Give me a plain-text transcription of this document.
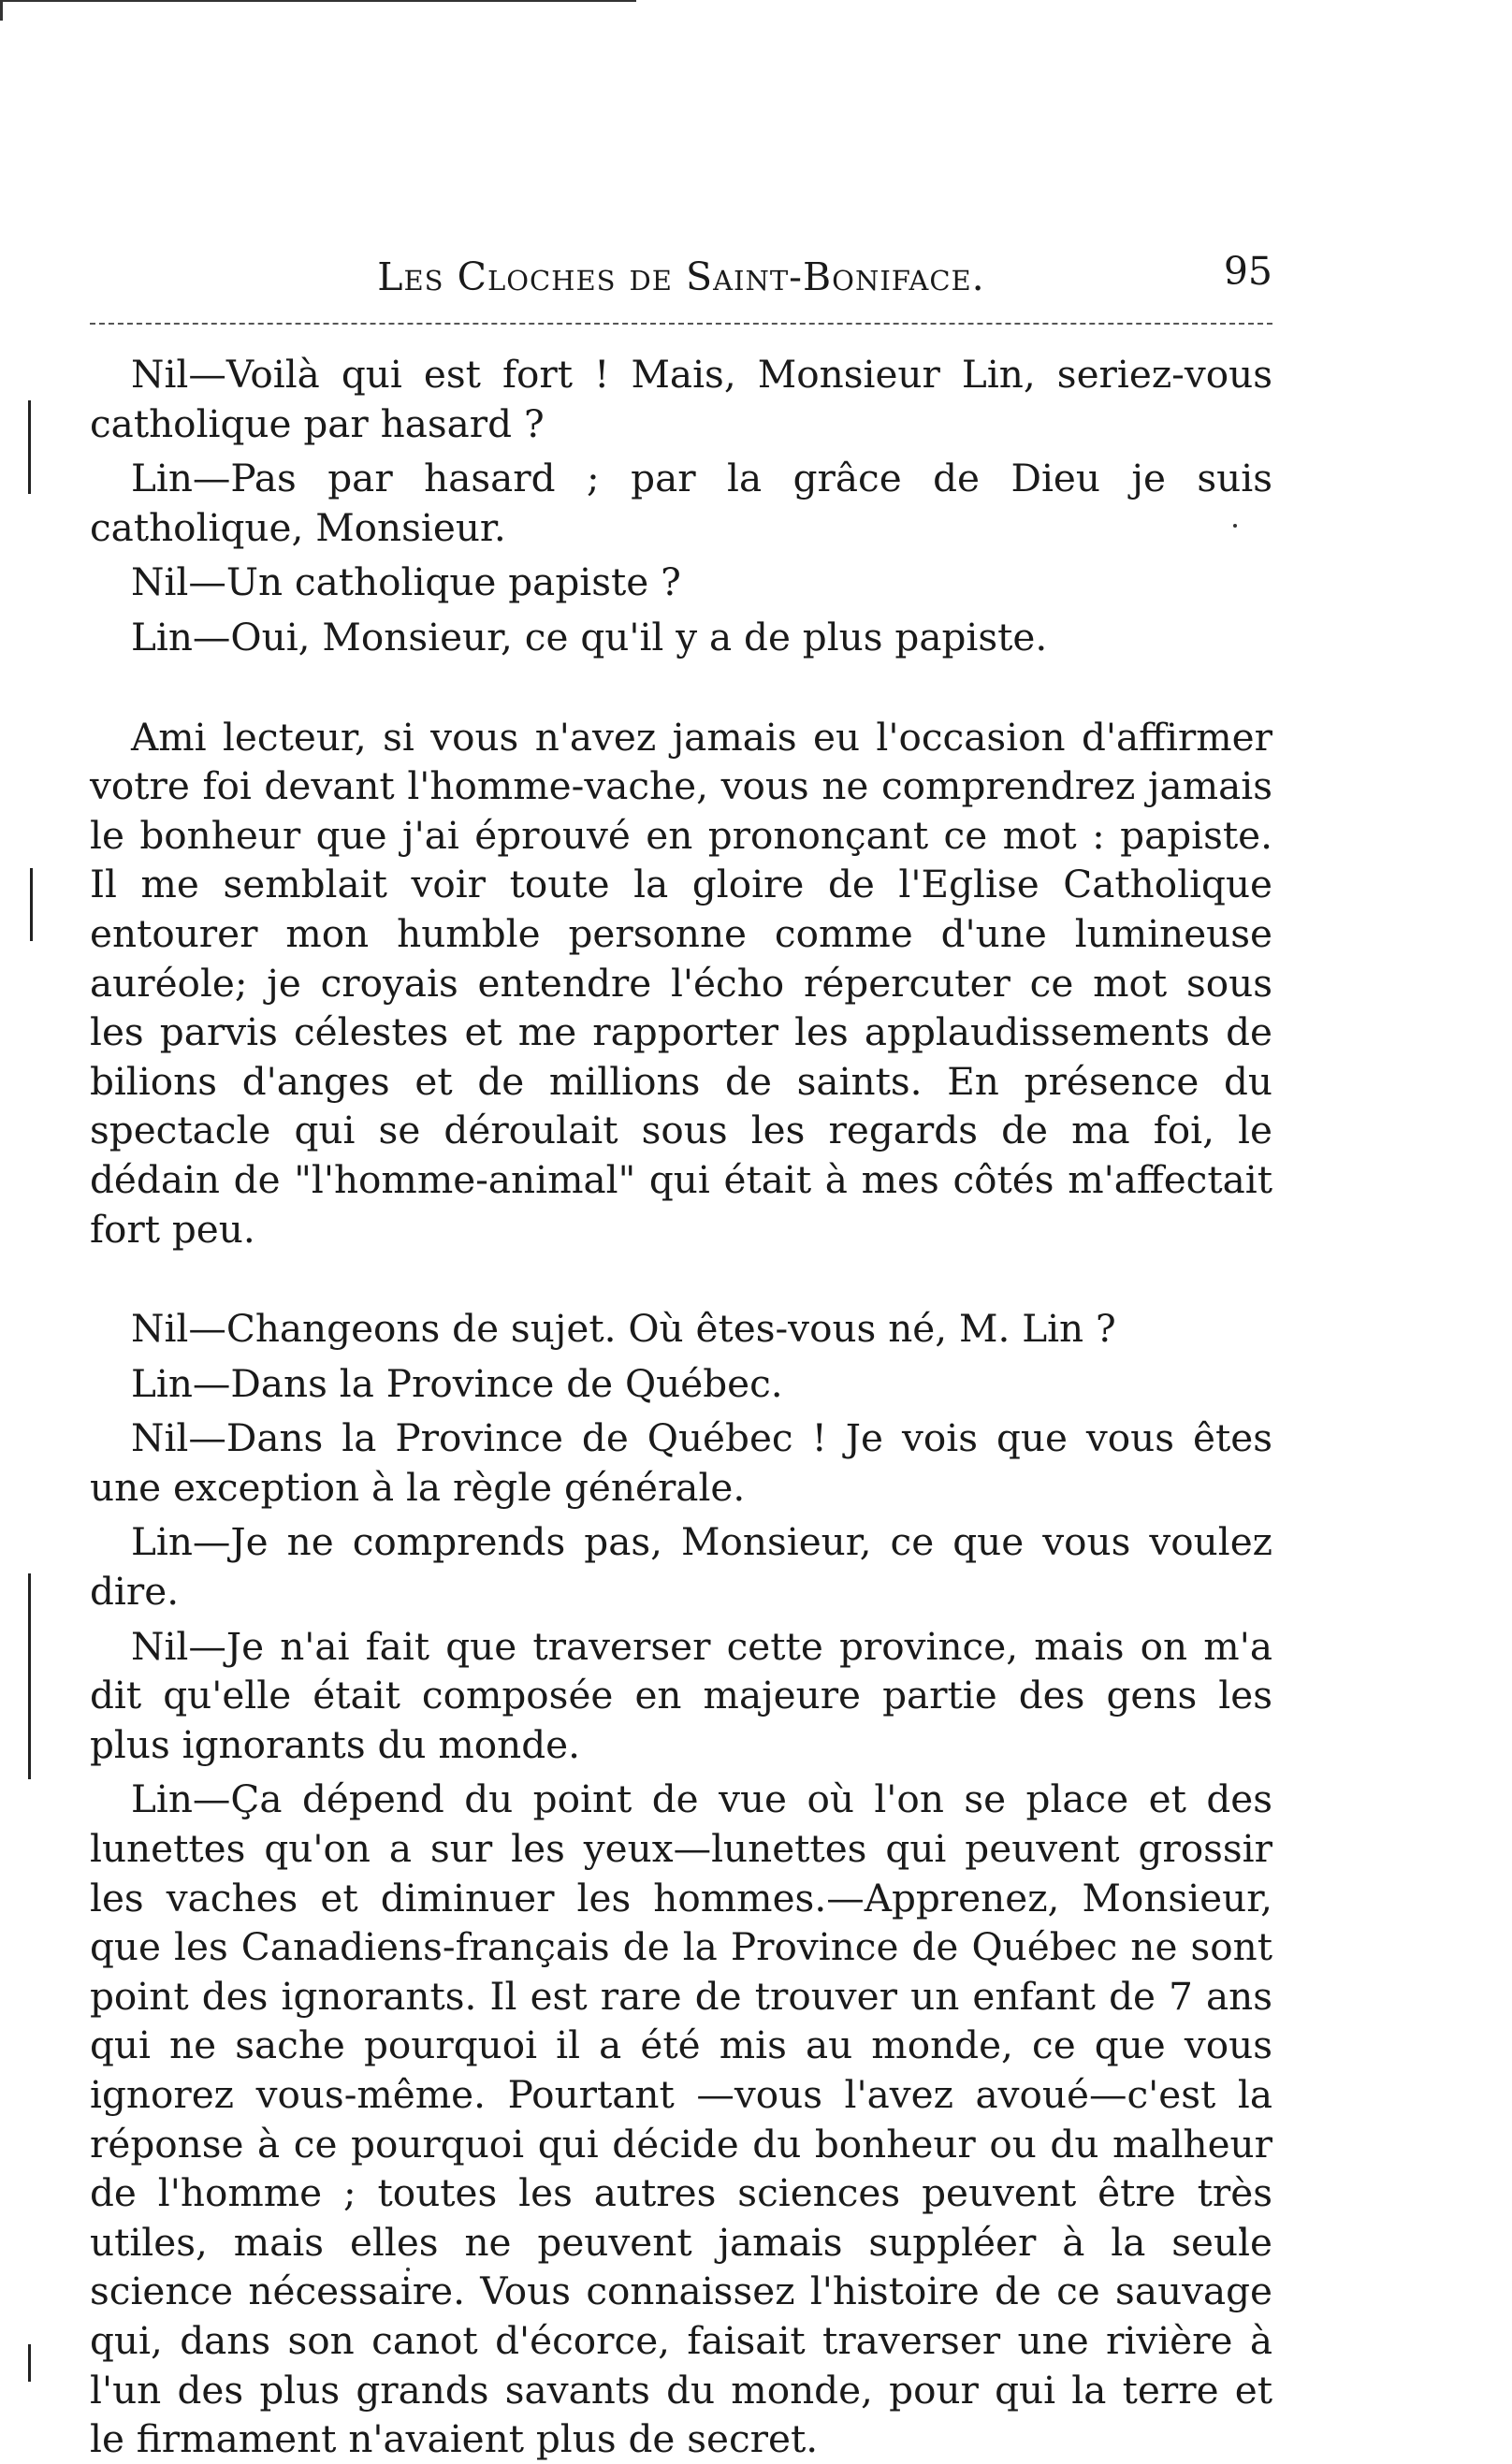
Les Cloches de Saint-Boniface.	95

Nil—Voilà qui est fort ! Mais, Monsieur Lin, seriez-vous catholique par hasard ?

Lin—Pas par hasard ; par la grâce de Dieu je suis catholique, Monsieur.

Nil—Un catholique papiste ?

Lin—Oui, Monsieur, ce qu'il y a de plus papiste.

Ami lecteur, si vous n'avez jamais eu l'occasion d'affirmer votre foi devant l'homme-vache, vous ne comprendrez jamais le bonheur que j'ai éprouvé en prononçant ce mot : papiste. Il me semblait voir toute la gloire de l'Eglise Catholique entourer mon humble personne comme d'une lumineuse auréole; je croyais entendre l'écho répercuter ce mot sous les parvis célestes et me rapporter les applaudissements de bilions d'anges et de millions de saints. En présence du spectacle qui se déroulait sous les regards de ma foi, le dédain de "l'homme-animal" qui était à mes côtés m'affectait fort peu.

Nil—Changeons de sujet. Où êtes-vous né, M. Lin ?

Lin—Dans la Province de Québec.

Nil—Dans la Province de Québec ! Je vois que vous êtes une exception à la règle générale.

Lin—Je ne comprends pas, Monsieur, ce que vous voulez dire.

Nil—Je n'ai fait que traverser cette province, mais on m'a dit qu'elle était composée en majeure partie des gens les plus ignorants du monde.

Lin—Ça dépend du point de vue où l'on se place et des lunettes qu'on a sur les yeux—lunettes qui peuvent grossir les vaches et diminuer les hommes.—Apprenez, Monsieur, que les Canadiens-français de la Province de Québec ne sont point des ignorants. Il est rare de trouver un enfant de 7 ans qui ne sache pourquoi il a été mis au monde, ce que vous ignorez vous-même. Pourtant —vous l'avez avoué—c'est la réponse à ce pourquoi qui décide du bonheur ou du malheur de l'homme ; toutes les autres sciences peuvent être très utiles, mais elles ne peuvent jamais suppléer à la seule science nécessaire. Vous connaissez l'histoire de ce sauvage qui, dans son canot d'écorce, faisait traverser une rivière à l'un des plus grands savants du monde, pour qui la terre et le firmament n'avaient plus de secret.
